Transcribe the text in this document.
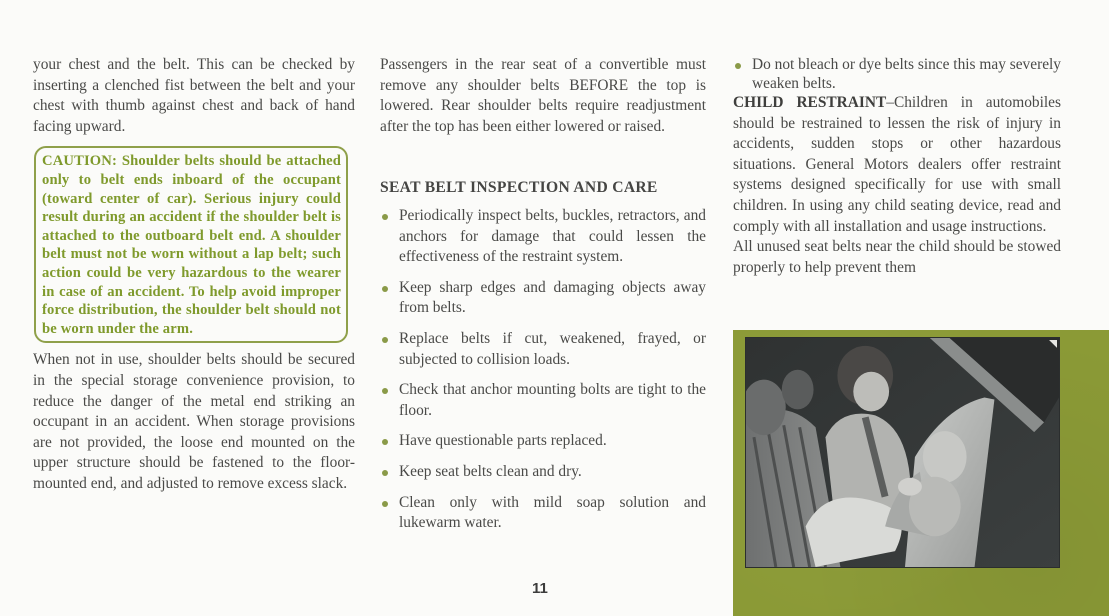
your chest and the belt. This can be checked by inserting a clenched fist between the belt and your chest with thumb against chest and back of hand facing upward.

CAUTION: Shoulder belts should be attached only to belt ends inboard of the occupant (toward center of car). Serious injury could result during an accident if the shoulder belt is attached to the outboard belt end. A shoulder belt must not be worn without a lap belt; such action could be very hazardous to the wearer in case of an accident. To help avoid improper force distribution, the shoulder belt should not be worn under the arm.

When not in use, shoulder belts should be secured in the special storage convenience provision, to reduce the danger of the metal end striking an occupant in an accident. When storage provisions are not provided, the loose end mounted on the upper structure should be fastened to the floor-mounted end, and adjusted to remove excess slack.

Passengers in the rear seat of a convertible must remove any shoulder belts BEFORE the top is lowered. Rear shoulder belts require readjustment after the top has been either lowered or raised.

SEAT BELT INSPECTION AND CARE
Periodically inspect belts, buckles, retractors, and anchors for damage that could lessen the effectiveness of the restraint system.
Keep sharp edges and damaging objects away from belts.
Replace belts if cut, weakened, frayed, or subjected to collision loads.
Check that anchor mounting bolts are tight to the floor.
Have questionable parts replaced.
Keep seat belts clean and dry.
Clean only with mild soap solution and lukewarm water.
Do not bleach or dye belts since this may severely weaken belts.

CHILD RESTRAINT–Children in automobiles should be restrained to lessen the risk of injury in accidents, sudden stops or other hazardous situations. General Motors dealers offer restraint systems designed specifically for use with small children. In using any child seating device, read and comply with all installation and usage instructions.

All unused seat belts near the child should be stowed properly to help prevent them

11
